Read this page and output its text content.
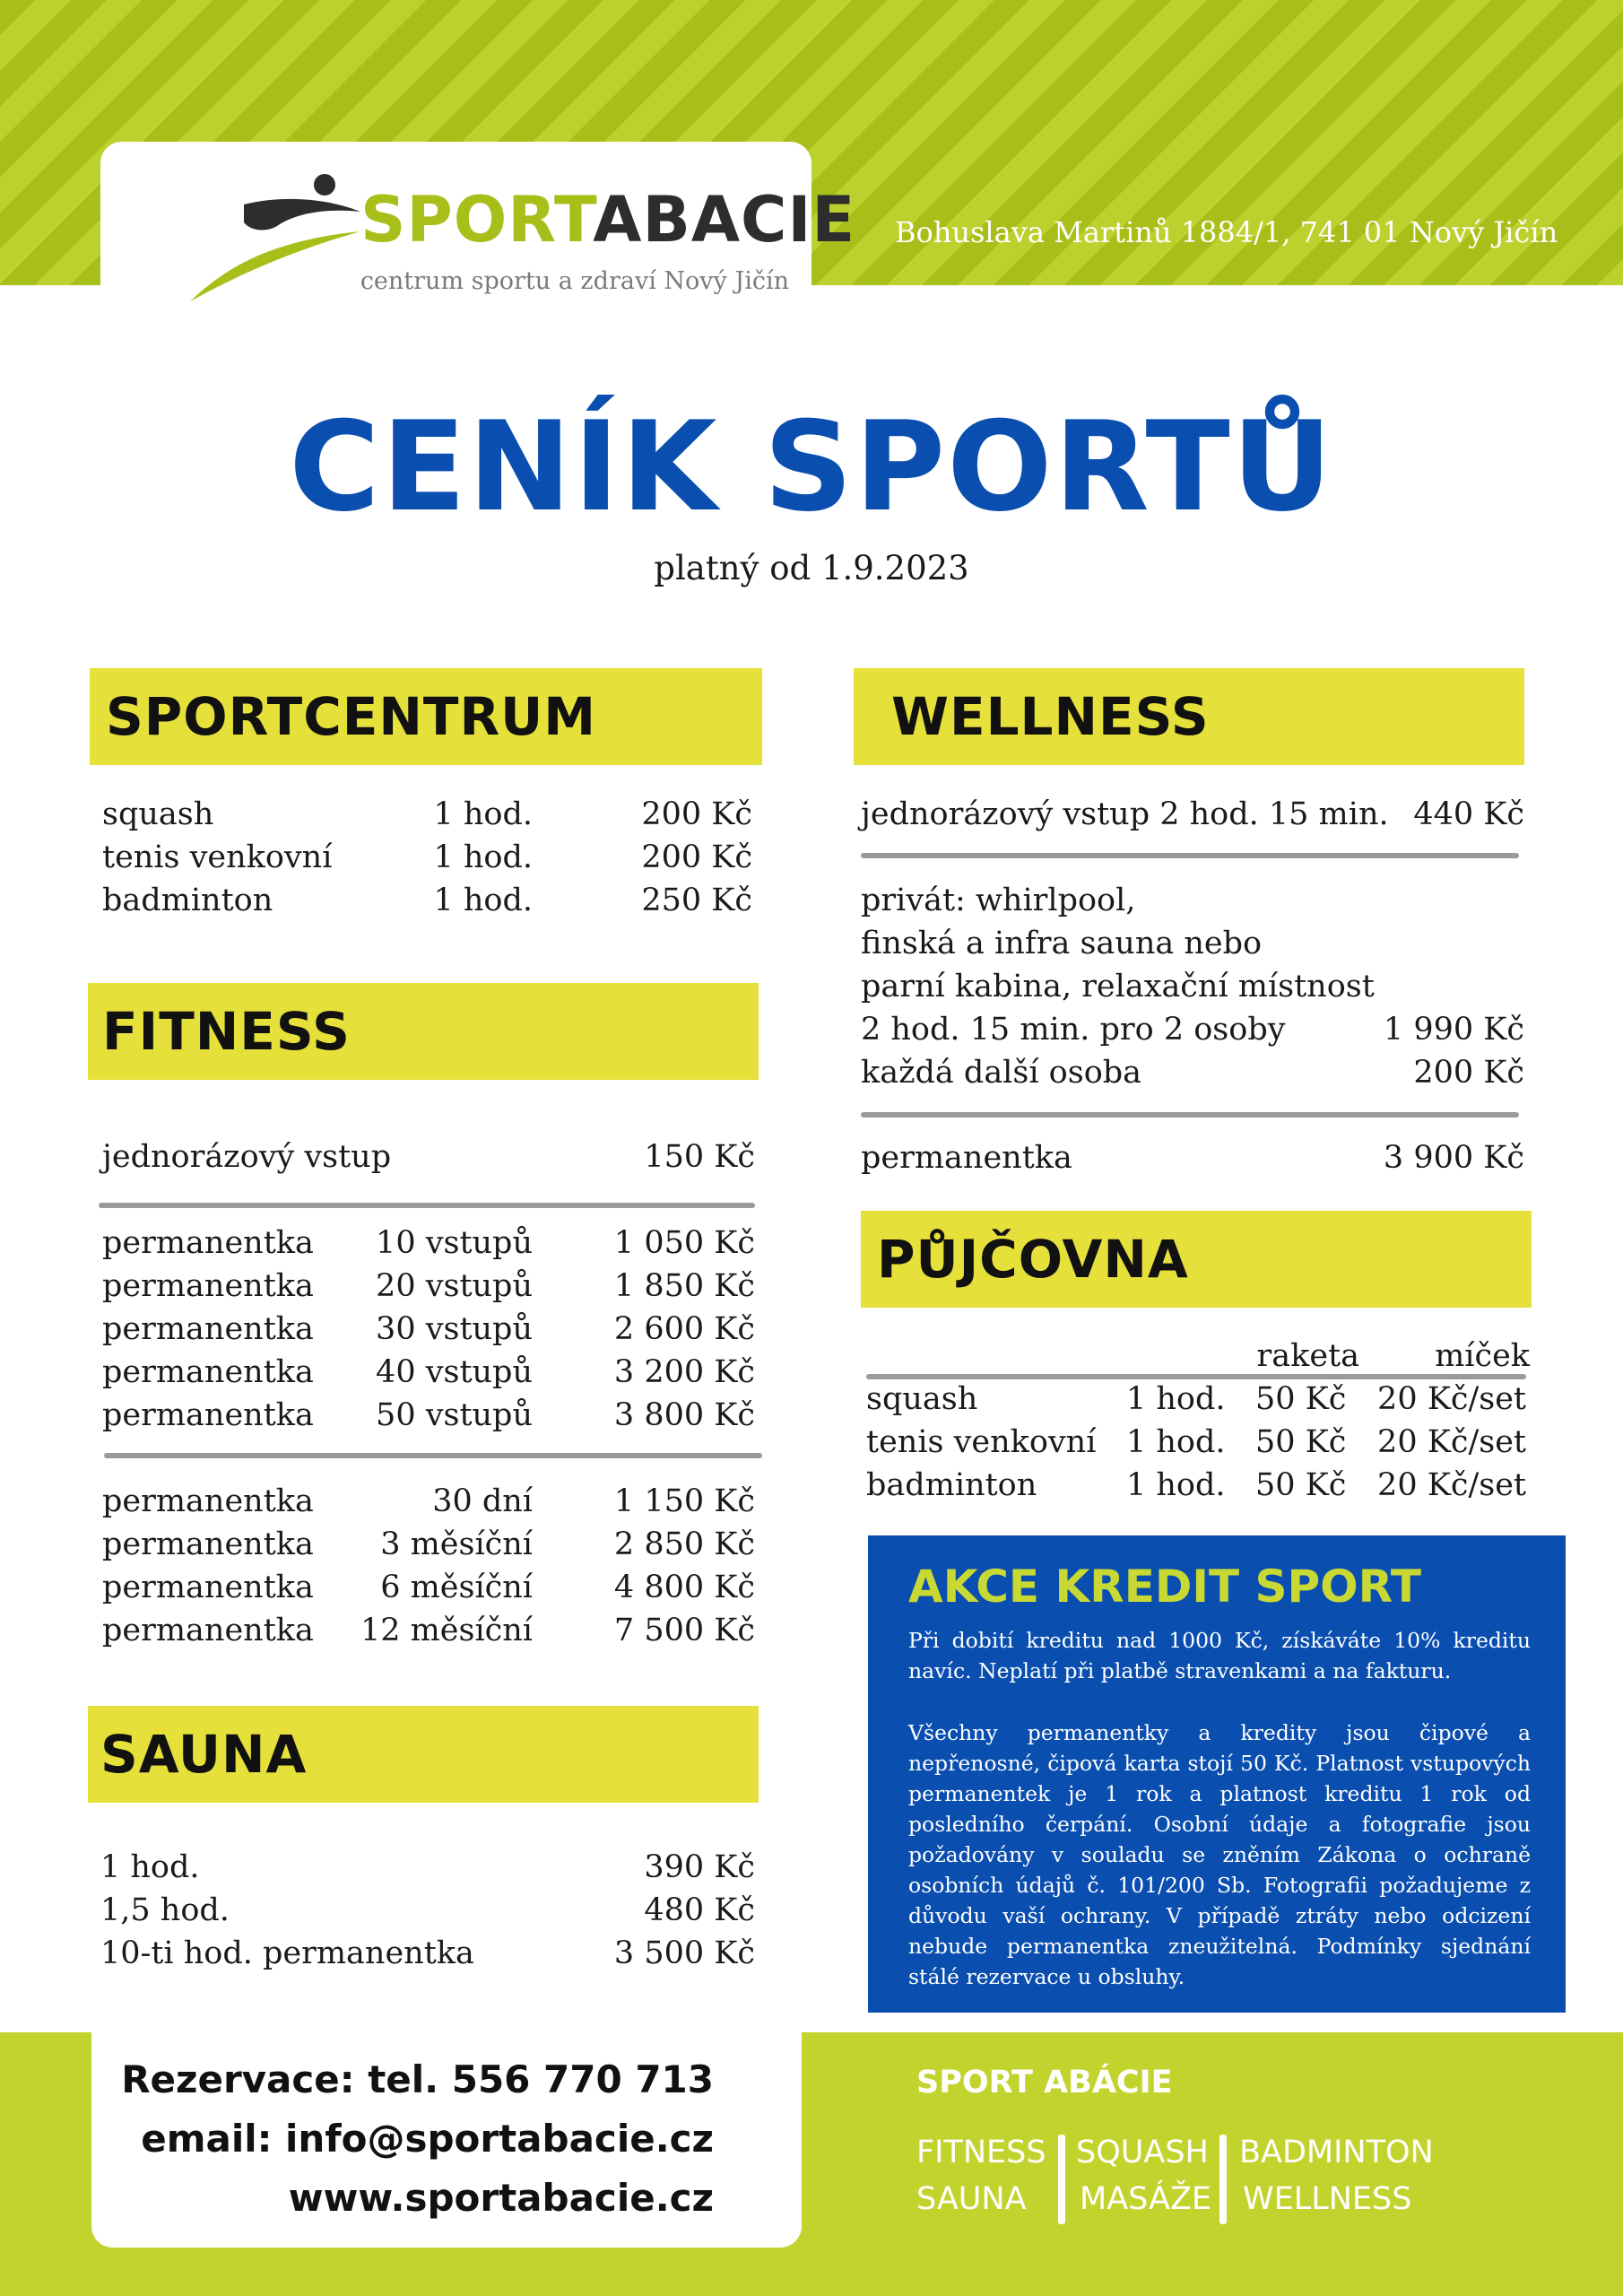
SPORTABACIE
centrum sportu a zdraví Nový Jičín
Bohuslava Martinů 1884/1, 741 01 Nový Jičín
CENÍK SPORTŮ
platný od 1.9.2023
SPORTCENTRUM
squash	1 hod.	200 Kč
tenis venkovní	1 hod.	200 Kč
badminton	1 hod.	250 Kč
FITNESS
jednorázový vstup	150 Kč
permanentka 10 vstupů	1 050 Kč
permanentka 20 vstupů	1 850 Kč
permanentka 30 vstupů	2 600 Kč
permanentka 40 vstupů	3 200 Kč
permanentka 50 vstupů	3 800 Kč
permanentka	30 dní	1 150 Kč
permanentka 3 měsíční	2 850 Kč
permanentka 6 měsíční	4 800 Kč
permanentka 12 měsíční	7 500 Kč
SAUNA
1 hod.	390 Kč
1,5 hod.	480 Kč
10-ti hod. permanentka	3 500 Kč
WELLNESS
jednorázový vstup 2 hod. 15 min. 440 Kč
privát: whirlpool,
finská a infra sauna nebo
parní kabina, relaxační místnost
2 hod. 15 min. pro 2 osoby	1 990 Kč
každá další osoba	200 Kč
permanentka	3 900 Kč
PŮJČOVNA
raketa míček
squash	1 hod. 50 Kč 20 Kč/set
tenis venkovní 1 hod. 50 Kč 20 Kč/set
badminton	1 hod. 50 Kč 20 Kč/set
AKCE KREDIT SPORT
Při dobití kreditu nad 1000 Kč, získáváte 10% kreditu navíc. Neplatí při platbě stravenkami a na fakturu.
Všechny permanentky a kredity jsou čipové a nepřenosné, čipová karta stojí 50 Kč. Platnost vstupových permanentek je 1 rok a platnost kreditu 1 rok od posledního čerpání. Osobní údaje a fotografie jsou požadovány v souladu se zněním Zákona o ochraně osobních údajů č. 101/200 Sb. Fotografii požadujeme z důvodu vaší ochrany. V případě ztráty nebo odcizení nebude permanentka zneužitelná. Podmínky sjednání stálé rezervace u obsluhy.
Rezervace: tel. 556 770 713
email: info@sportabacie.cz
www.sportabacie.cz
SPORT ABÁCIE
FITNESS
SAUNA
SQUASH
MASÁŽE
BADMINTON
WELLNESS
